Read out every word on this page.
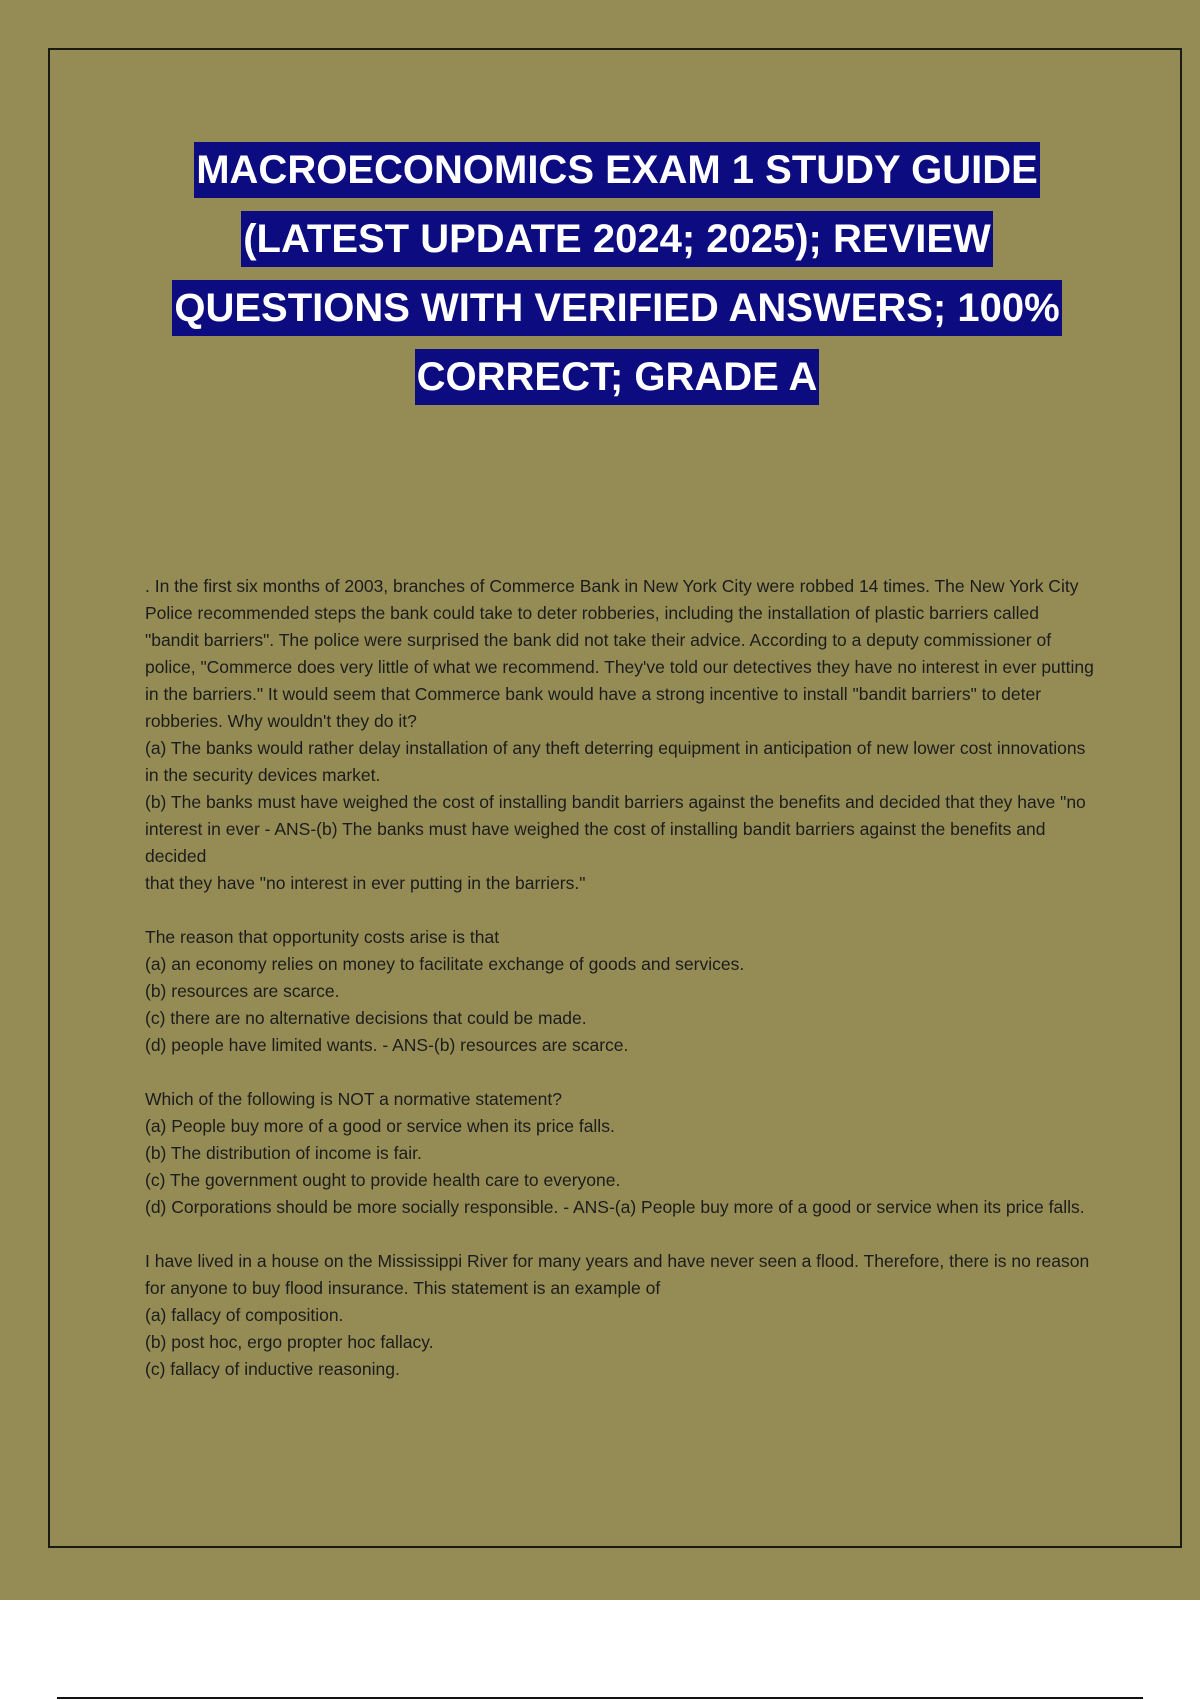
MACROECONOMICS EXAM 1 STUDY GUIDE
(LATEST UPDATE 2024; 2025); REVIEW
QUESTIONS WITH VERIFIED ANSWERS; 100%
CORRECT; GRADE A

. In the first six months of 2003, branches of Commerce Bank in New York City were robbed 14 times. The New York City Police recommended steps the bank could take to deter robberies, including the installation of plastic barriers called "bandit barriers". The police were surprised the bank did not take their advice. According to a deputy commissioner of police, "Commerce does very little of what we recommend. They've told our detectives they have no interest in ever putting in the barriers." It would seem that Commerce bank would have a strong incentive to install "bandit barriers" to deter robberies. Why wouldn't they do it?

(a) The banks would rather delay installation of any theft deterring equipment in anticipation of new lower cost innovations in the security devices market.

(b) The banks must have weighed the cost of installing bandit barriers against the benefits and decided that they have "no interest in ever - ANS-(b) The banks must have weighed the cost of installing bandit barriers against the benefits and decided

that they have "no interest in ever putting in the barriers."

The reason that opportunity costs arise is that

(a) an economy relies on money to facilitate exchange of goods and services.

(b) resources are scarce.

(c) there are no alternative decisions that could be made.

(d) people have limited wants. - ANS-(b) resources are scarce.

Which of the following is NOT a normative statement?

(a) People buy more of a good or service when its price falls.

(b) The distribution of income is fair.

(c) The government ought to provide health care to everyone.

(d) Corporations should be more socially responsible. - ANS-(a) People buy more of a good or service when its price falls.

I have lived in a house on the Mississippi River for many years and have never seen a flood. Therefore, there is no reason for anyone to buy flood insurance. This statement is an example of

(a) fallacy of composition.

(b) post hoc, ergo propter hoc fallacy.

(c) fallacy of inductive reasoning.
